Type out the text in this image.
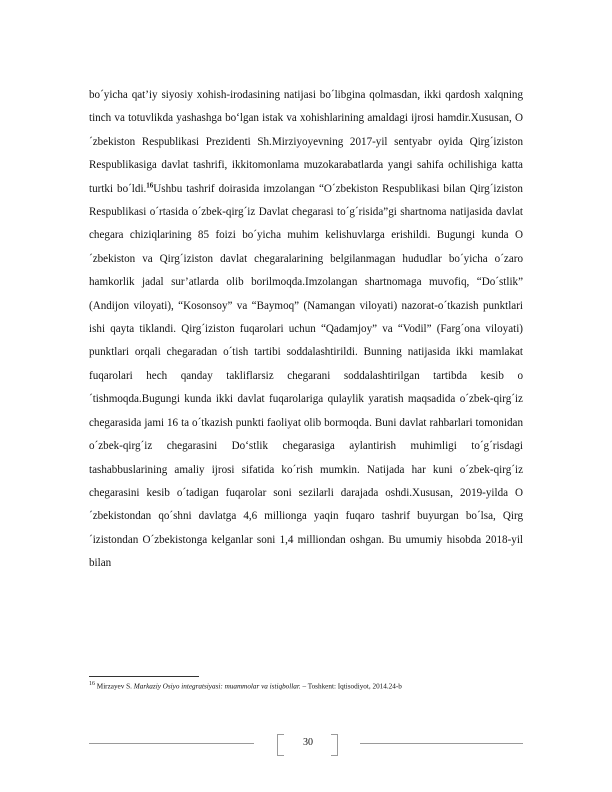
bo´yicha qat’iy siyosiy xohish-irodasining natijasi bo´libgina qolmasdan, ikki qardosh xalqning tinch va totuvlikda yashashga bo‘lgan istak va xohishlarining amaldagi ijrosi hamdir.Xususan, O´zbekiston Respublikasi Prezidenti Sh.Mirziyoyevning 2017-yil sentyabr oyida Qirg´iziston Respublikasiga davlat tashrifi, ikkitomonlama muzokarabatlarda yangi sahifa ochilishiga katta turtki bo´ldi.$^{16}$Ushbu tashrif doirasida imzolangan “O´zbekiston Respublikasi bilan Qirg´iziston Respublikasi o´rtasida o´zbek-qirg´iz Davlat chegarasi to´g´risida”gi shartnoma natijasida davlat chegara chiziqlarining 85 foizi bo´yicha muhim kelishuvlarga erishildi. Bugungi kunda O´zbekiston va Qirg´iziston davlat chegaralarining belgilanmagan hududlar bo´yicha o´zaro hamkorlik jadal sur’atlarda olib borilmoqda.Imzolangan shartnomaga muvofiq, “Do´stlik” (Andijon viloyati), “Kosonsoy” va “Baymoq” (Namangan viloyati) nazorat-o´tkazish punktlari ishi qayta tiklandi. Qirg´iziston fuqarolari uchun “Qadamjoy” va “Vodil” (Farg´ona viloyati) punktlari orqali chegaradan o´tish tartibi soddalashtirildi. Bunning natijasida ikki mamlakat fuqarolari hech qanday takliflarsiz chegarani soddalashtirilgan tartibda kesib o´tishmoqda.Bugungi kunda ikki davlat fuqarolariga qulaylik yaratish maqsadida o´zbek-qirg´iz chegarasida jami 16 ta o´tkazish punkti faoliyat olib bormoqda. Buni davlat rahbarlari tomonidan o´zbek-qirg´iz chegarasini Do‘stlik chegarasiga aylantirish muhimligi to´g´risdagi tashabbuslarining amaliy ijrosi sifatida ko´rish mumkin. Natijada har kuni o´zbek-qirg´iz chegarasini kesib o´tadigan fuqarolar soni sezilarli darajada oshdi.Xususan, 2019-yilda O´zbekistondan qo´shni davlatga 4,6 millionga yaqin fuqaro tashrif buyurgan bo´lsa, Qirg´izistondan O´zbekistonga kelganlar soni 1,4 milliondan oshgan. Bu umumiy hisobda 2018-yil bilan

$^{16}$ Mirzayev S. Markaziy Osiyo integratsiyasi: muammolar va istiqbollar. – Toshkent: Iqtisodiyot, 2014.24-b
30
